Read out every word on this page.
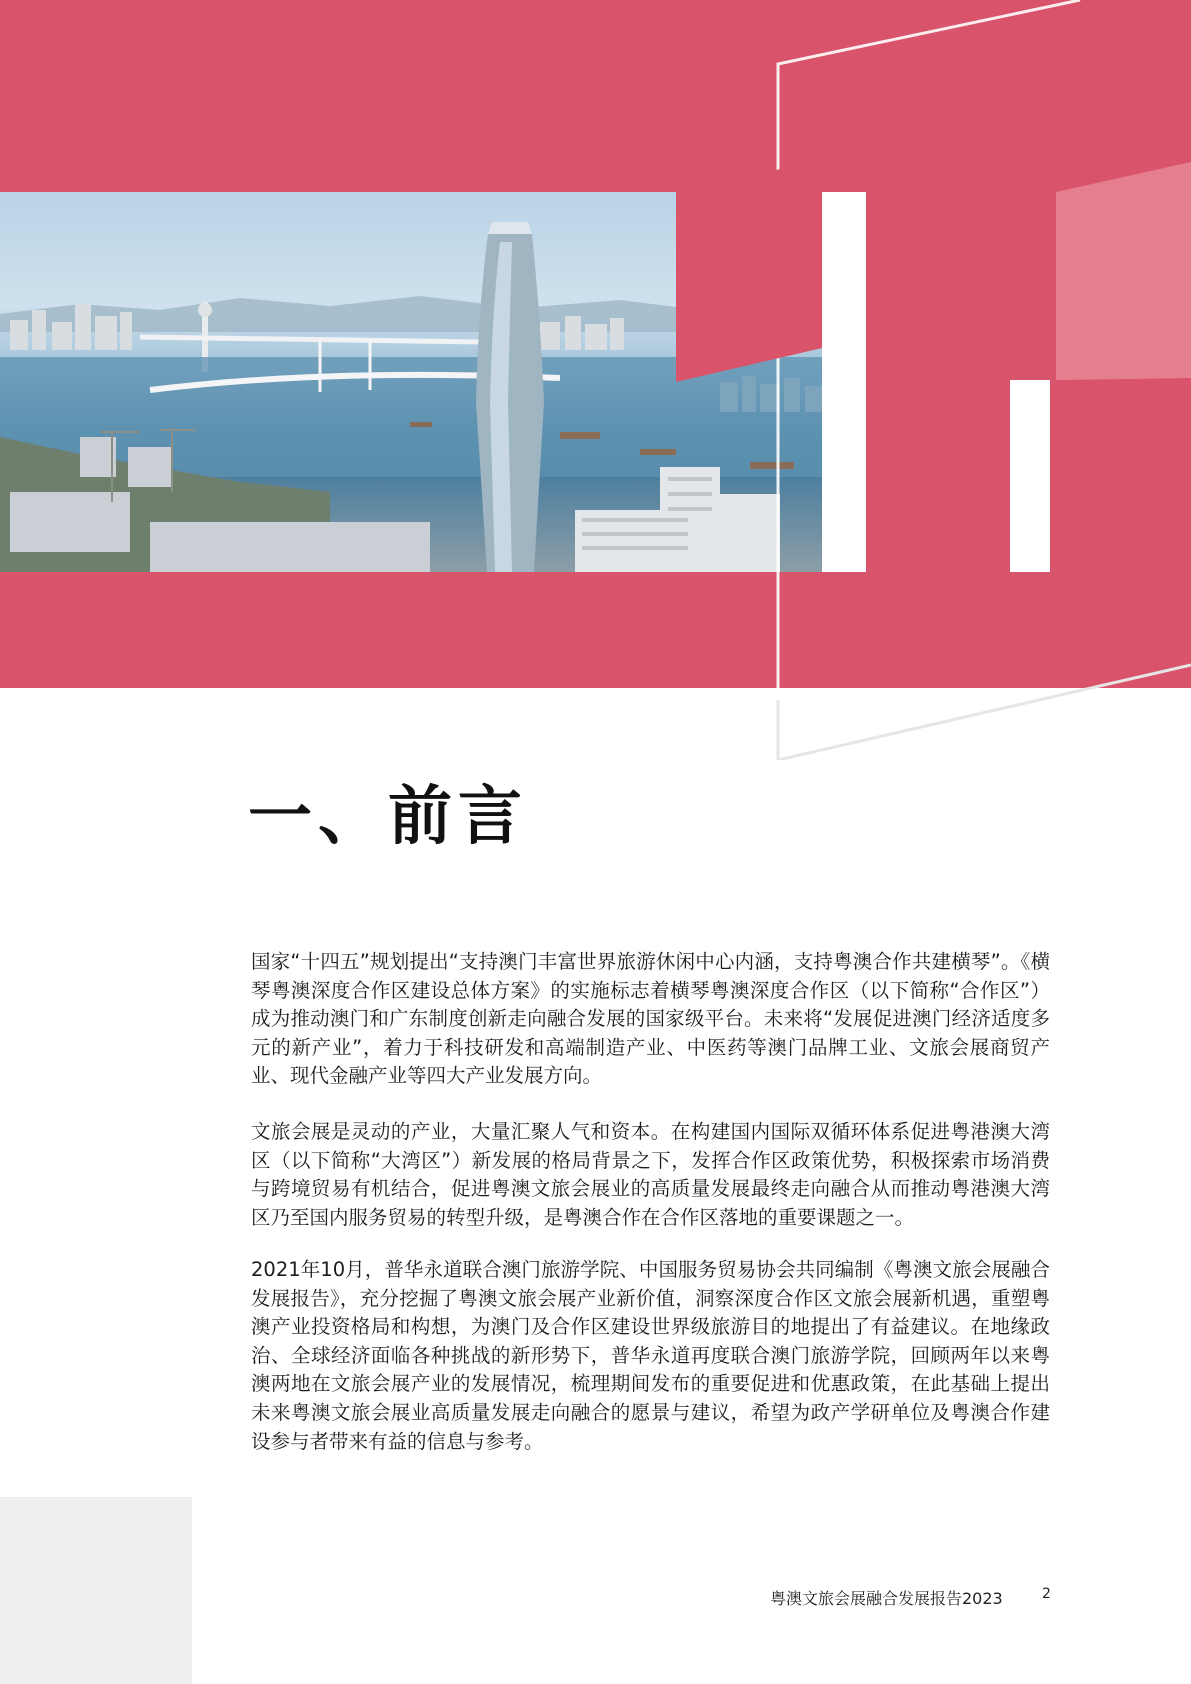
一、前言

国家“十四五”规划提出“支持澳门丰富世界旅游休闲中心内涵，支持粤澳合作共建横琴”。《横琴粤澳深度合作区建设总体方案》的实施标志着横琴粤澳深度合作区（以下简称“合作区”）成为推动澳门和广东制度创新走向融合发展的国家级平台。未来将“发展促进澳门经济适度多元的新产业”，着力于科技研发和高端制造产业、中医药等澳门品牌工业、文旅会展商贸产业、现代金融产业等四大产业发展方向。

文旅会展是灵动的产业，大量汇聚人气和资本。在构建国内国际双循环体系促进粤港澳大湾区（以下简称“大湾区”）新发展的格局背景之下，发挥合作区政策优势，积极探索市场消费与跨境贸易有机结合，促进粤澳文旅会展业的高质量发展最终走向融合从而推动粤港澳大湾区乃至国内服务贸易的转型升级，是粤澳合作在合作区落地的重要课题之一。

2021年10月，普华永道联合澳门旅游学院、中国服务贸易协会共同编制《粤澳文旅会展融合发展报告》，充分挖掘了粤澳文旅会展产业新价值，洞察深度合作区文旅会展新机遇，重塑粤澳产业投资格局和构想，为澳门及合作区建设世界级旅游目的地提出了有益建议。在地缘政治、全球经济面临各种挑战的新形势下，普华永道再度联合澳门旅游学院，回顾两年以来粤澳两地在文旅会展产业的发展情况，梳理期间发布的重要促进和优惠政策，在此基础上提出未来粤澳文旅会展业高质量发展走向融合的愿景与建议，希望为政产学研单位及粤澳合作建设参与者带来有益的信息与参考。

粤澳文旅会展融合发展报告2023	2
